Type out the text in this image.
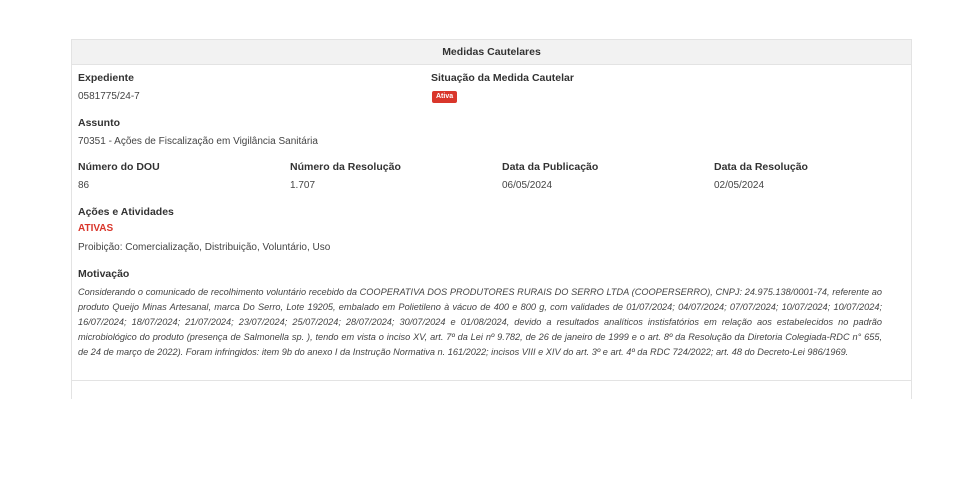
Medidas Cautelares
Expediente
0581775/24-7
Situação da Medida Cautelar
Ativa
Assunto
70351 - Ações de Fiscalização em Vigilância Sanitária
Número do DOU
86
Número da Resolução
1.707
Data da Publicação
06/05/2024
Data da Resolução
02/05/2024
Ações e Atividades
ATIVAS
Proibição: Comercialização, Distribuição, Voluntário, Uso
Motivação
Considerando o comunicado de recolhimento voluntário recebido da COOPERATIVA DOS PRODUTORES RURAIS DO SERRO LTDA (COOPERSERRO), CNPJ: 24.975.138/0001-74, referente ao produto Queijo Minas Artesanal, marca Do Serro, Lote 19205, embalado em Polietileno à vácuo de 400 e 800 g, com validades de 01/07/2024; 04/07/2024; 07/07/2024; 10/07/2024; 10/07/2024; 16/07/2024; 18/07/2024; 21/07/2024; 23/07/2024; 25/07/2024; 28/07/2024; 30/07/2024 e 01/08/2024, devido a resultados analíticos instisfatórios em relação aos estabelecidos no padrão microbiológico do produto (presença de Salmonella sp. ), tendo em vista o inciso XV, art. 7º da Lei nº 9.782, de 26 de janeiro de 1999 e o art. 8º da Resolução da Diretoria Colegiada-RDC n° 655, de 24 de março de 2022). Foram infringidos: item 9b do anexo I da Instrução Normativa n. 161/2022; incisos VIII e XIV do art. 3º e art. 4º da RDC 724/2022; art. 48 do Decreto-Lei 986/1969.
